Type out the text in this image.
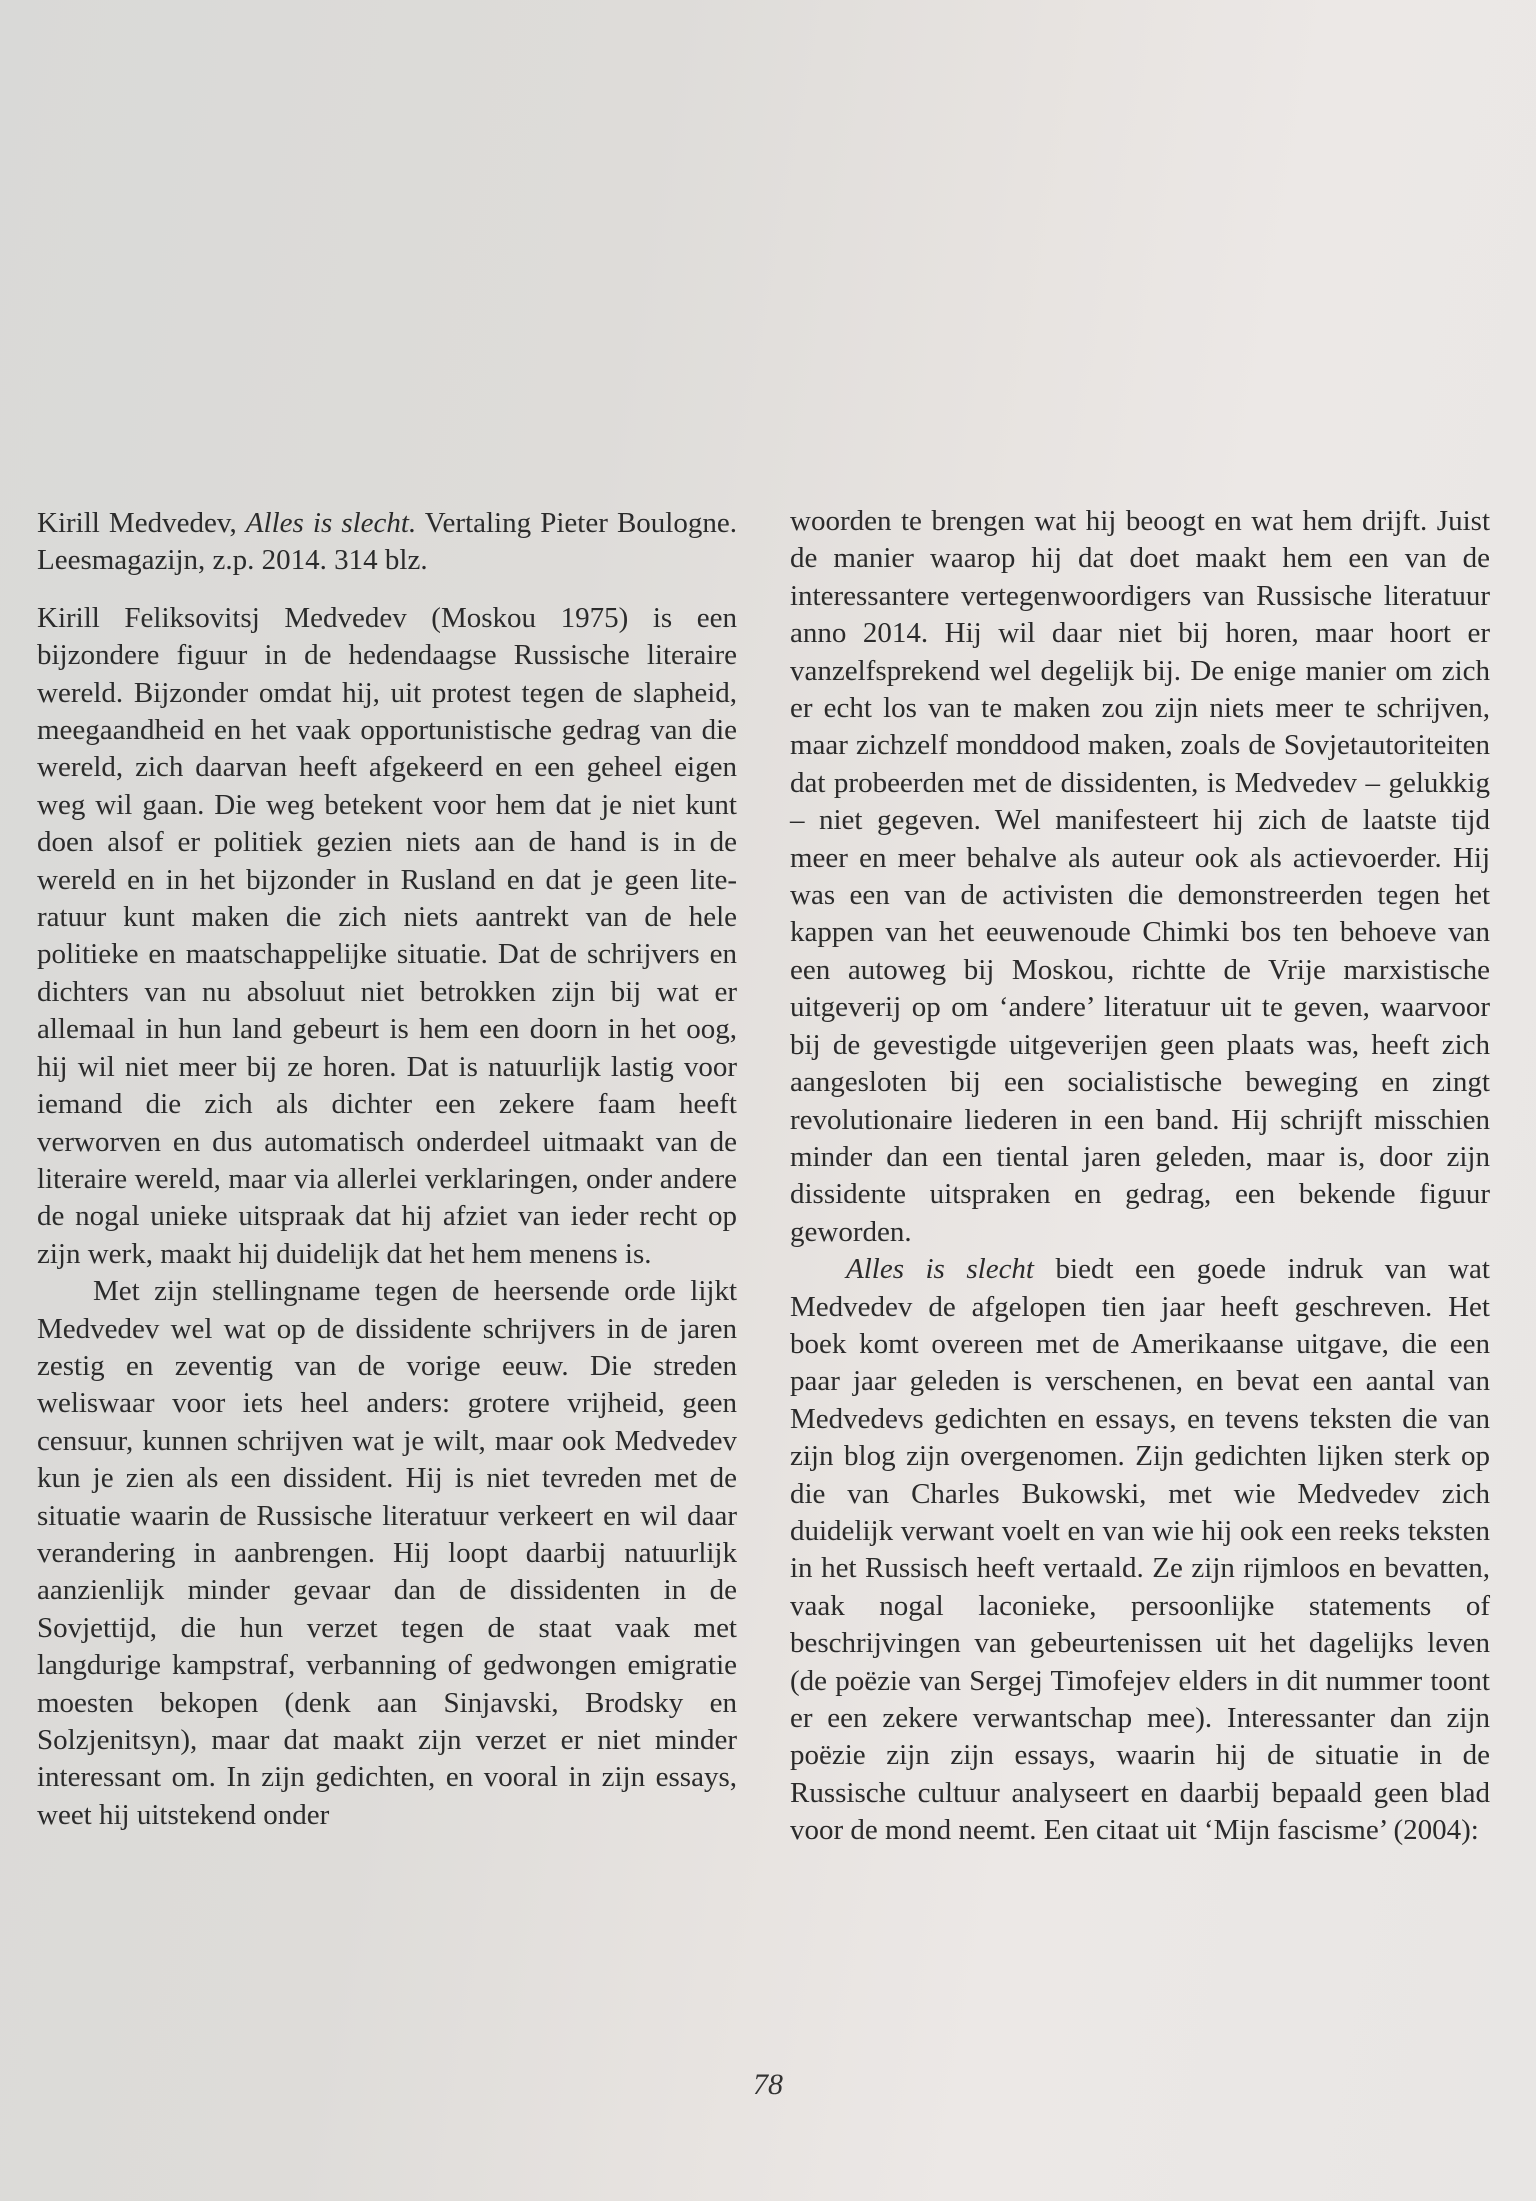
Kirill Medvedev, Alles is slecht. Vertaling Pieter Boulogne. Leesmagazijn, z.p. 2014. 314 blz.

Kirill Feliksovitsj Medvedev (Moskou 1975) is een bijzondere figuur in de hedendaagse Russische literaire wereld. Bijzonder omdat hij, uit protest tegen de slapheid, meegaandheid en het vaak opportunistische gedrag van die wereld, zich daarvan heeft afgekeerd en een geheel eigen weg wil gaan. Die weg betekent voor hem dat je niet kunt doen alsof er politiek gezien niets aan de hand is in de wereld en in het bijzonder in Rusland en dat je geen literatuur kunt maken die zich niets aantrekt van de hele politieke en maatschappelijke situatie. Dat de schrijvers en dichters van nu absoluut niet betrokken zijn bij wat er allemaal in hun land gebeurt is hem een doorn in het oog, hij wil niet meer bij ze horen. Dat is natuurlijk lastig voor iemand die zich als dichter een zekere faam heeft verworven en dus automatisch onderdeel uitmaakt van de literaire wereld, maar via allerlei verklaringen, onder andere de nogal unieke uitspraak dat hij afziet van ieder recht op zijn werk, maakt hij duidelijk dat het hem menens is.

Met zijn stellingname tegen de heersende orde lijkt Medvedev wel wat op de dissidente schrijvers in de jaren zestig en zeventig van de vorige eeuw. Die streden weliswaar voor iets heel anders: grotere vrijheid, geen censuur, kunnen schrijven wat je wilt, maar ook Medvedev kun je zien als een dissident. Hij is niet tevreden met de situatie waarin de Russische literatuur verkeert en wil daar verandering in aanbrengen. Hij loopt daarbij natuurlijk aanzienlijk minder gevaar dan de dissidenten in de Sovjettijd, die hun verzet tegen de staat vaak met langdurige kampstraf, verbanning of gedwongen emigratie moesten bekopen (denk aan Sinjavski, Brodsky en Solzjenitsyn), maar dat maakt zijn verzet er niet minder interessant om. In zijn gedichten, en vooral in zijn essays, weet hij uitstekend onder

woorden te brengen wat hij beoogt en wat hem drijft. Juist de manier waarop hij dat doet maakt hem een van de interessantere vertegenwoordigers van Russische literatuur anno 2014. Hij wil daar niet bij horen, maar hoort er vanzelfsprekend wel degelijk bij. De enige manier om zich er echt los van te maken zou zijn niets meer te schrijven, maar zichzelf monddood maken, zoals de Sovjetautoriteiten dat probeerden met de dissidenten, is Medvedev – gelukkig – niet gegeven. Wel manifesteert hij zich de laatste tijd meer en meer behalve als auteur ook als actievoerder. Hij was een van de activisten die demonstreerden tegen het kappen van het eeuwenoude Chimki bos ten behoeve van een autoweg bij Moskou, richtte de Vrije marxistische uitgeverij op om ‘andere’ literatuur uit te geven, waarvoor bij de gevestigde uitgeverijen geen plaats was, heeft zich aangesloten bij een socialistische beweging en zingt revolutionaire liederen in een band. Hij schrijft misschien minder dan een tiental jaren geleden, maar is, door zijn dissidente uitspraken en gedrag, een bekende figuur geworden.

Alles is slecht biedt een goede indruk van wat Medvedev de afgelopen tien jaar heeft geschreven. Het boek komt overeen met de Amerikaanse uitgave, die een paar jaar geleden is verschenen, en bevat een aantal van Medvedevs gedichten en essays, en tevens teksten die van zijn blog zijn overgenomen. Zijn gedichten lijken sterk op die van Charles Bukowski, met wie Medvedev zich duidelijk verwant voelt en van wie hij ook een reeks teksten in het Russisch heeft vertaald. Ze zijn rijmloos en bevatten, vaak nogal laconieke, persoonlijke statements of beschrijvingen van gebeurtenissen uit het dagelijks leven (de poëzie van Sergej Timofejev elders in dit nummer toont er een zekere verwantschap mee). Interessanter dan zijn poëzie zijn zijn essays, waarin hij de situatie in de Russische cultuur analyseert en daarbij bepaald geen blad voor de mond neemt. Een citaat uit ‘Mijn fascisme’ (2004):

78
